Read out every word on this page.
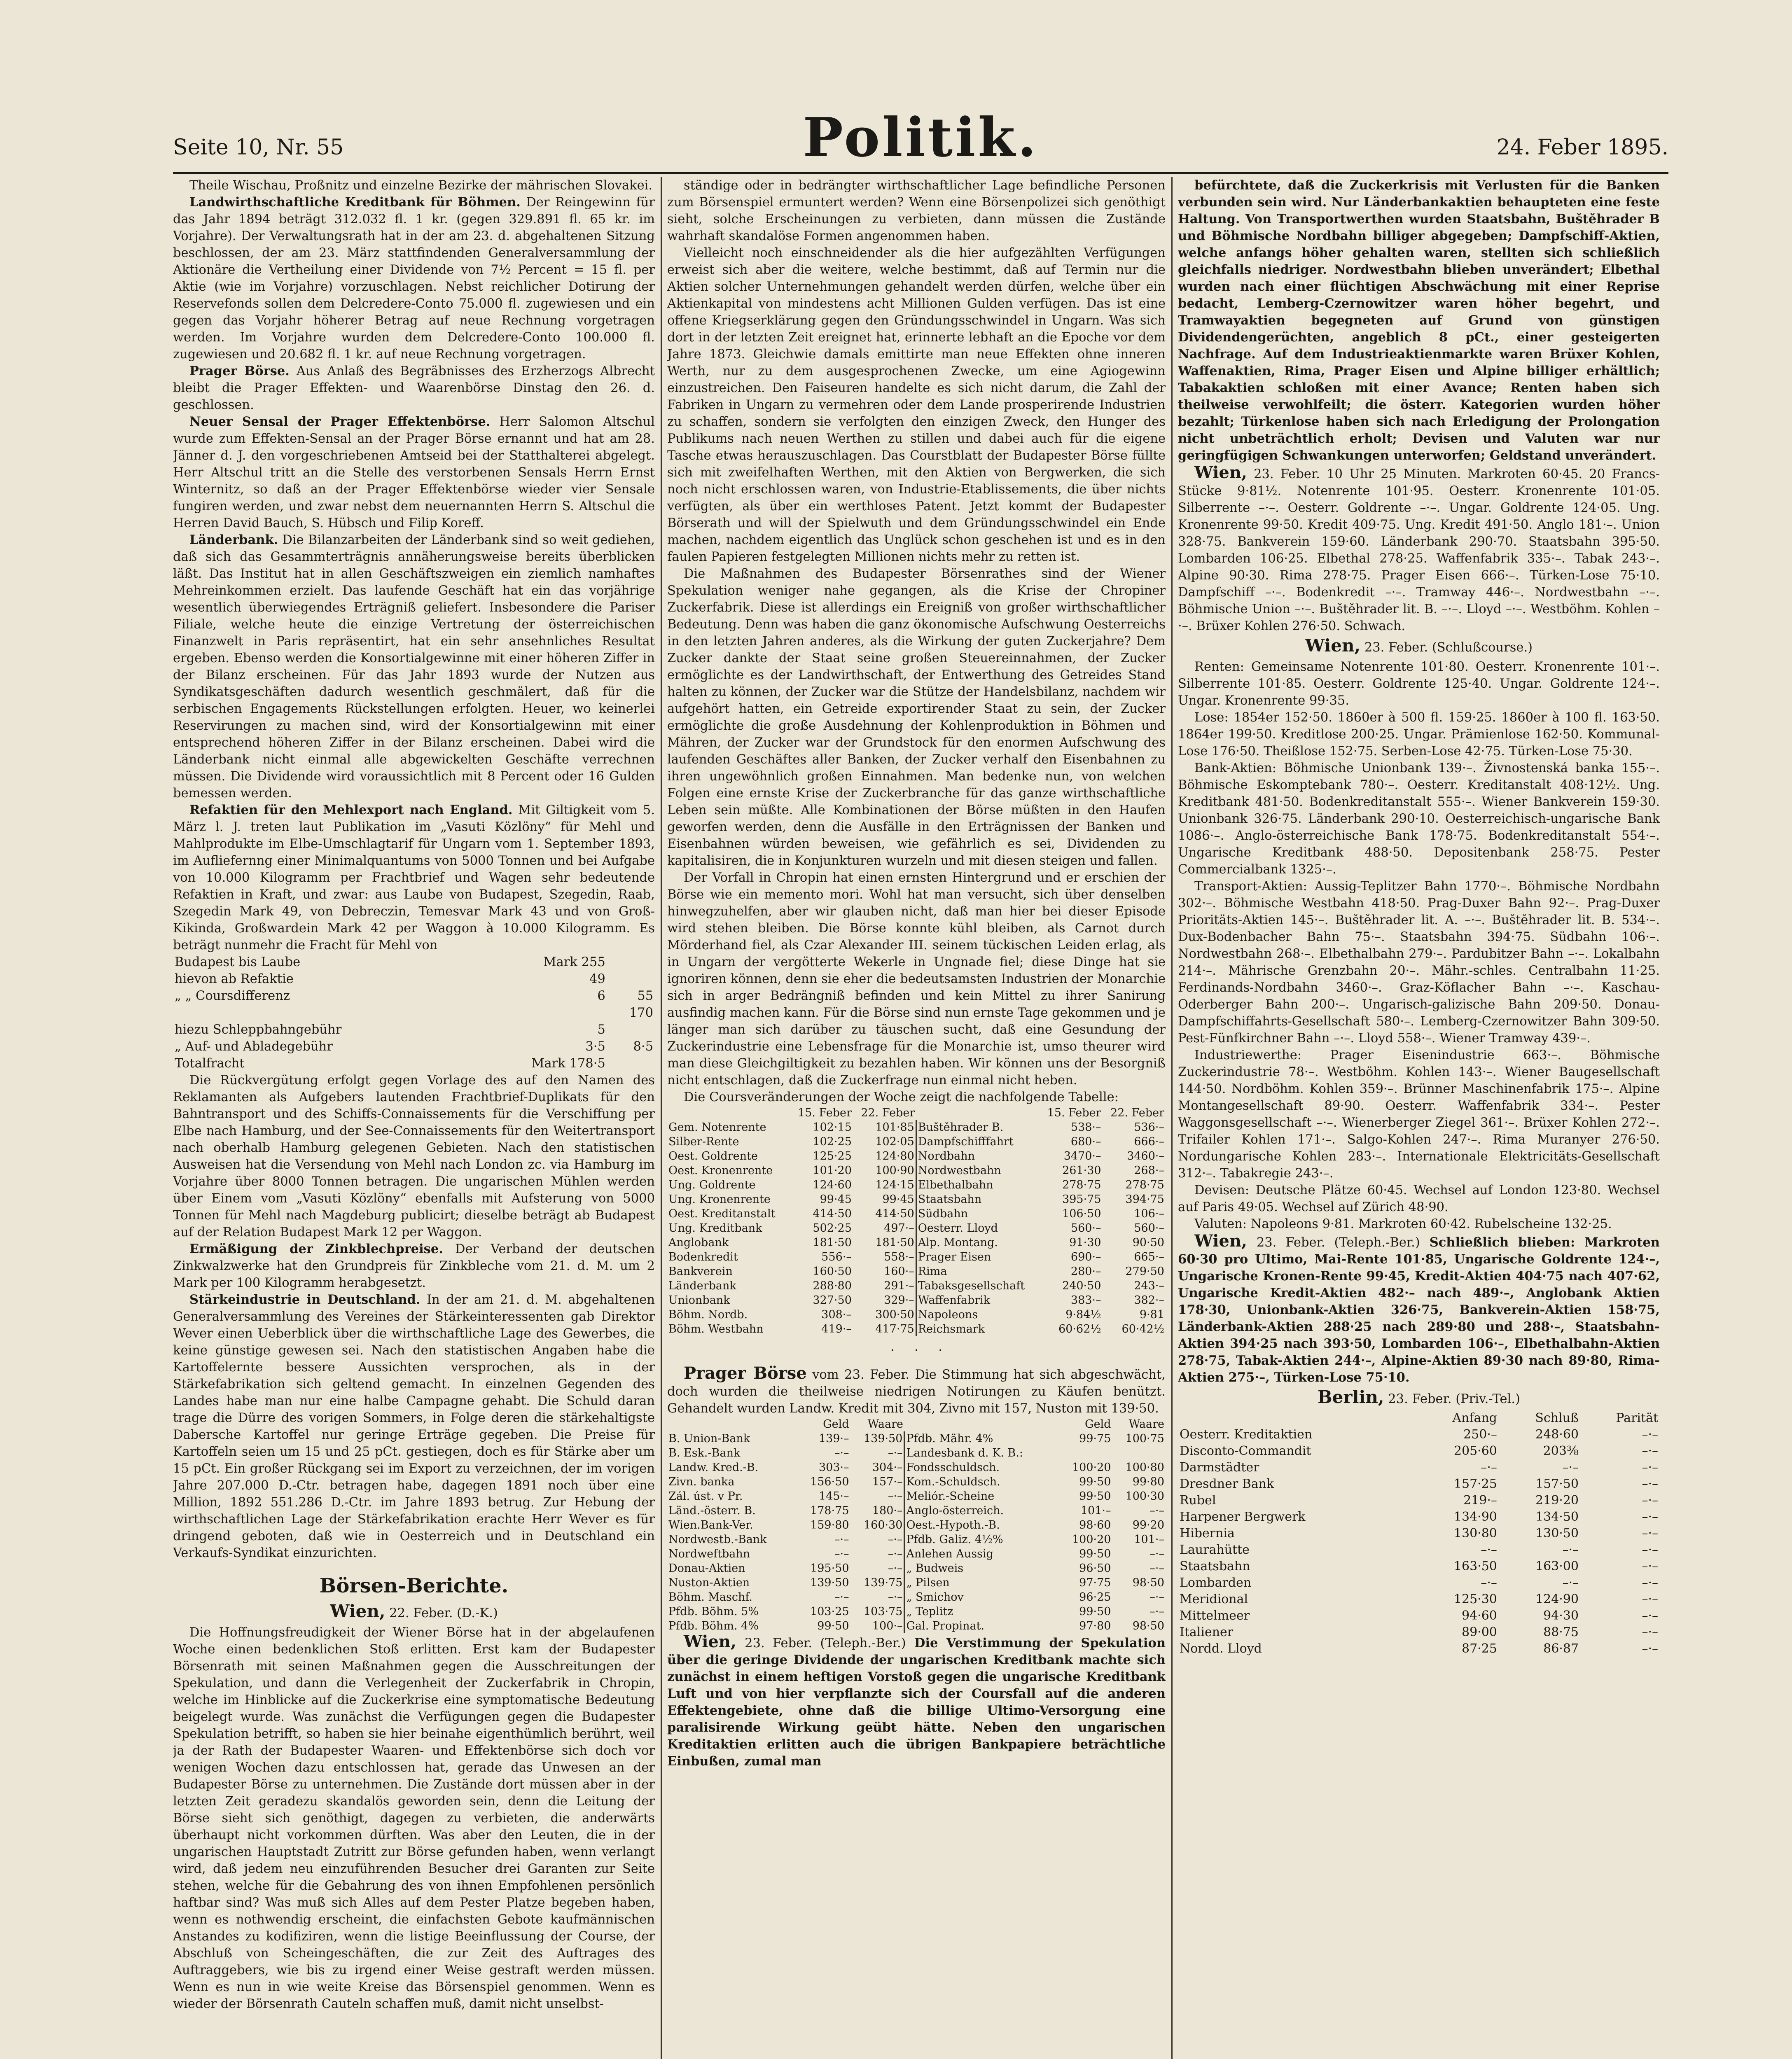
Seite 10, Nr. 55	Politik.	24. Feber 1895.

Theile Wischau, Proßnitz und einzelne Bezirke der mährischen Slovakei.

Landwirthschaftliche Kreditbank für Böhmen. Der Reingewinn für das Jahr 1894 beträgt 312.032 fl. 1 kr. (gegen 329.891 fl. 65 kr. im Vorjahre). Der Verwaltungsrath hat in der am 23. d. abgehaltenen Sitzung beschlossen, der am 23. März stattfindenden Generalversammlung der Aktionäre die Vertheilung einer Dividende von 7½ Percent = 15 fl. per Aktie (wie im Vorjahre) vorzuschlagen. Nebst reichlicher Dotirung der Reservefonds sollen dem Delcredere-Conto 75.000 fl. zugewiesen und ein gegen das Vorjahr höherer Betrag auf neue Rechnung vorgetragen werden. Im Vorjahre wurden dem Delcredere-Conto 100.000 fl. zugewiesen und 20.682 fl. 1 kr. auf neue Rechnung vorgetragen.

Prager Börse. Aus Anlaß des Begräbnisses des Erzherzogs Albrecht bleibt die Prager Effekten- und Waarenbörse Dinstag den 26. d. geschlossen.

Neuer Sensal der Prager Effektenbörse. Herr Salomon Altschul wurde zum Effekten-Sensal an der Prager Börse ernannt und hat am 28. Jänner d. J. den vorgeschriebenen Amtseid bei der Statthalterei abgelegt. Herr Altschul tritt an die Stelle des verstorbenen Sensals Herrn Ernst Winternitz, so daß an der Prager Effektenbörse wieder vier Sensale fungiren werden, und zwar nebst dem neuernannten Herrn S. Altschul die Herren David Bauch, S. Hübsch und Filip Koreff.

Länderbank. Die Bilanzarbeiten der Länderbank sind so weit gediehen, daß sich das Gesammterträgnis annäherungsweise bereits überblicken läßt. Das Institut hat in allen Geschäftszweigen ein ziemlich namhaftes Mehreinkommen erzielt. Das laufende Geschäft hat ein das vorjährige wesentlich überwiegendes Erträgniß geliefert. Insbesondere die Pariser Filiale, welche heute die einzige Vertretung der österreichischen Finanzwelt in Paris repräsentirt, hat ein sehr ansehnliches Resultat ergeben. Ebenso werden die Konsortialgewinne mit einer höheren Ziffer in der Bilanz erscheinen. Für das Jahr 1893 wurde der Nutzen aus Syndikatsgeschäften dadurch wesentlich geschmälert, daß für die serbischen Engagements Rückstellungen erfolgten. Heuer, wo keinerlei Reservirungen zu machen sind, wird der Konsortialgewinn mit einer entsprechend höheren Ziffer in der Bilanz erscheinen. Dabei wird die Länderbank nicht einmal alle abgewickelten Geschäfte verrechnen müssen. Die Dividende wird voraussichtlich mit 8 Percent oder 16 Gulden bemessen werden.

Refaktien für den Mehlexport nach England. Mit Giltigkeit vom 5. März l. J. treten laut Publikation im „Vasuti Közlöny“ für Mehl und Mahlprodukte im Elbe-Umschlagtarif für Ungarn vom 1. September 1893, im Aufliefernng einer Minimalquantums von 5000 Tonnen und bei Aufgabe von 10.000 Kilogramm per Frachtbrief und Wagen sehr bedeutende Refaktien in Kraft, und zwar: aus Laube von Budapest, Szegedin, Raab, Szegedin Mark 49, von Debreczin, Temesvar Mark 43 und von Groß-Kikinda, Großwardein Mark 42 per Waggon à 10.000 Kilogramm. Es beträgt nunmehr die Fracht für Mehl von

Budapest bis Laube	Mark 255	
hievon ab Refaktie	49	
„ „ Coursdifferenz	6	55
		170
hiezu Schleppbahngebühr	5	
„ Auf- und Abladegebühr	3·5	8·5
Totalfracht	Mark 178·5	

Die Rückvergütung erfolgt gegen Vorlage des auf den Namen des Reklamanten als Aufgebers lautenden Frachtbrief-Duplikats für den Bahntransport und des Schiffs-Connaissements für die Verschiffung per Elbe nach Hamburg, und der See-Connaissements für den Weitertransport nach oberhalb Hamburg gelegenen Gebieten. Nach den statistischen Ausweisen hat die Versendung von Mehl nach London zc. via Hamburg im Vorjahre über 8000 Tonnen betragen. Die ungarischen Mühlen werden über Einem vom „Vasuti Közlöny“ ebenfalls mit Aufsterung von 5000 Tonnen für Mehl nach Magdeburg publicirt; dieselbe beträgt ab Budapest auf der Relation Budapest Mark 12 per Waggon.

Ermäßigung der Zinkblechpreise. Der Verband der deutschen Zinkwalzwerke hat den Grundpreis für Zinkbleche vom 21. d. M. um 2 Mark per 100 Kilogramm herabgesetzt.

Stärkeindustrie in Deutschland. In der am 21. d. M. abgehaltenen Generalversammlung des Vereines der Stärkeinteressenten gab Direktor Wever einen Ueberblick über die wirthschaftliche Lage des Gewerbes, die keine günstige gewesen sei. Nach den statistischen Angaben habe die Kartoffelernte bessere Aussichten versprochen, als in der Stärkefabrikation sich geltend gemacht. In einzelnen Gegenden des Landes habe man nur eine halbe Campagne gehabt. Die Schuld daran trage die Dürre des vorigen Sommers, in Folge deren die stärkehaltigste Dabersche Kartoffel nur geringe Erträge gegeben. Die Preise für Kartoffeln seien um 15 und 25 pCt. gestiegen, doch es für Stärke aber um 15 pCt. Ein großer Rückgang sei im Export zu verzeichnen, der im vorigen Jahre 207.000 D.-Ctr. betragen habe, dagegen 1891 noch über eine Million, 1892 551.286 D.-Ctr. im Jahre 1893 betrug. Zur Hebung der wirthschaftlichen Lage der Stärkefabrikation erachte Herr Wever es für dringend geboten, daß wie in Oesterreich und in Deutschland ein Verkaufs-Syndikat einzurichten.

Börsen-Berichte.
Wien, 22. Feber. (D.-K.)

Die Hoffnungsfreudigkeit der Wiener Börse hat in der abgelaufenen Woche einen bedenklichen Stoß erlitten. Erst kam der Budapester Börsenrath mit seinen Maßnahmen gegen die Ausschreitungen der Spekulation, und dann die Verlegenheit der Zuckerfabrik in Chropin, welche im Hinblicke auf die Zuckerkrise eine symptomatische Bedeutung beigelegt wurde. Was zunächst die Verfügungen gegen die Budapester Spekulation betrifft, so haben sie hier beinahe eigenthümlich berührt, weil ja der Rath der Budapester Waaren- und Effektenbörse sich doch vor wenigen Wochen dazu entschlossen hat, gerade das Unwesen an der Budapester Börse zu unternehmen. Die Zustände dort müssen aber in der letzten Zeit geradezu skandalös geworden sein, denn die Leitung der Börse sieht sich genöthigt, dagegen zu verbieten, die anderwärts überhaupt nicht vorkommen dürften. Was aber den Leuten, die in der ungarischen Hauptstadt Zutritt zur Börse gefunden haben, wenn verlangt wird, daß jedem neu einzuführenden Besucher drei Garanten zur Seite stehen, welche für die Gebahrung des von ihnen Empfohlenen persönlich haftbar sind? Was muß sich Alles auf dem Pester Platze begeben haben, wenn es nothwendig erscheint, die einfachsten Gebote kaufmännischen Anstandes zu kodifiziren, wenn die listige Beeinflussung der Course, der Abschluß von Scheingeschäften, die zur Zeit des Auftrages des Auftraggebers, wie bis zu irgend einer Weise gestraft werden müssen. Wenn es nun in wie weite Kreise das Börsenspiel genommen. Wenn es wieder der Börsenrath Cauteln schaffen muß, damit nicht unselbst-

ständige oder in bedrängter wirthschaftlicher Lage befindliche Personen zum Börsenspiel ermuntert werden? Wenn eine Börsenpolizei sich genöthigt sieht, solche Erscheinungen zu verbieten, dann müssen die Zustände wahrhaft skandalöse Formen angenommen haben.

Vielleicht noch einschneidender als die hier aufgezählten Verfügungen erweist sich aber die weitere, welche bestimmt, daß auf Termin nur die Aktien solcher Unternehmungen gehandelt werden dürfen, welche über ein Aktienkapital von mindestens acht Millionen Gulden verfügen. Das ist eine offene Kriegserklärung gegen den Gründungsschwindel in Ungarn. Was sich dort in der letzten Zeit ereignet hat, erinnerte lebhaft an die Epoche vor dem Jahre 1873. Gleichwie damals emittirte man neue Effekten ohne inneren Werth, nur zu dem ausgesprochenen Zwecke, um eine Agiogewinn einzustreichen. Den Faiseuren handelte es sich nicht darum, die Zahl der Fabriken in Ungarn zu vermehren oder dem Lande prosperirende Industrien zu schaffen, sondern sie verfolgten den einzigen Zweck, den Hunger des Publikums nach neuen Werthen zu stillen und dabei auch für die eigene Tasche etwas herauszuschlagen. Das Courstblatt der Budapester Börse füllte sich mit zweifelhaften Werthen, mit den Aktien von Bergwerken, die sich noch nicht erschlossen waren, von Industrie-Etablissements, die über nichts verfügten, als über ein werthloses Patent. Jetzt kommt der Budapester Börserath und will der Spielwuth und dem Gründungsschwindel ein Ende machen, nachdem eigentlich das Unglück schon geschehen ist und es in den faulen Papieren festgelegten Millionen nichts mehr zu retten ist.

Die Maßnahmen des Budapester Börsenrathes sind der Wiener Spekulation weniger nahe gegangen, als die Krise der Chropiner Zuckerfabrik. Diese ist allerdings ein Ereigniß von großer wirthschaftlicher Bedeutung. Denn was haben die ganz ökonomische Aufschwung Oesterreichs in den letzten Jahren anderes, als die Wirkung der guten Zuckerjahre? Dem Zucker dankte der Staat seine großen Steuereinnahmen, der Zucker ermöglichte es der Landwirthschaft, der Entwerthung des Getreides Stand halten zu können, der Zucker war die Stütze der Handelsbilanz, nachdem wir aufgehört hatten, ein Getreide exportirender Staat zu sein, der Zucker ermöglichte die große Ausdehnung der Kohlenproduktion in Böhmen und Mähren, der Zucker war der Grundstock für den enormen Aufschwung des laufenden Geschäftes aller Banken, der Zucker verhalf den Eisenbahnen zu ihren ungewöhnlich großen Einnahmen. Man bedenke nun, von welchen Folgen eine ernste Krise der Zuckerbranche für das ganze wirthschaftliche Leben sein müßte. Alle Kombinationen der Börse müßten in den Haufen geworfen werden, denn die Ausfälle in den Erträgnissen der Banken und Eisenbahnen würden beweisen, wie gefährlich es sei, Dividenden zu kapitalisiren, die in Konjunkturen wurzeln und mit diesen steigen und fallen.

Der Vorfall in Chropin hat einen ernsten Hintergrund und er erschien der Börse wie ein memento mori. Wohl hat man versucht, sich über denselben hinwegzuhelfen, aber wir glauben nicht, daß man hier bei dieser Episode wird stehen bleiben. Die Börse konnte kühl bleiben, als Carnot durch Mörderhand fiel, als Czar Alexander III. seinem tückischen Leiden erlag, als in Ungarn der vergötterte Wekerle in Ungnade fiel; diese Dinge hat sie ignoriren können, denn sie eher die bedeutsamsten Industrien der Monarchie sich in arger Bedrängniß befinden und kein Mittel zu ihrer Sanirung ausfindig machen kann. Für die Börse sind nun ernste Tage gekommen und je länger man sich darüber zu täuschen sucht, daß eine Gesundung der Zuckerindustrie eine Lebensfrage für die Monarchie ist, umso theurer wird man diese Gleichgiltigkeit zu bezahlen haben. Wir können uns der Besorgniß nicht entschlagen, daß die Zuckerfrage nun einmal nicht heben.

Die Coursveränderungen der Woche zeigt die nachfolgende Tabelle:

	15. Feber	22. Feber		15. Feber	22. Feber
Gem. Notenrente	102·15	101·85	Buštěhrader B.	538·–	536·–
Silber-Rente	102·25	102·05	Dampfschifffahrt	680·–	666·–
Oest. Goldrente	125·25	124·80	Nordbahn	3470·–	3460·–
Oest. Kronenrente	101·20	100·90	Nordwestbahn	261·30	268·–
Ung. Goldrente	124·60	124·15	Elbethalbahn	278·75	278·75
Ung. Kronenrente	99·45	99·45	Staatsbahn	395·75	394·75
Oest. Kreditanstalt	414·50	414·50	Südbahn	106·50	106·–
Ung. Kreditbank	502·25	497·–	Oesterr. Lloyd	560·–	560·–
Anglobank	181·50	181·50	Alp. Montang.	91·30	90·50
Bodenkredit	556·–	558·–	Prager Eisen	690·–	665·–
Bankverein	160·50	160·–	Rima	280·–	279·50
Länderbank	288·80	291·–	Tabaksgesellschaft	240·50	243·–
Unionbank	327·50	329·–	Waffenfabrik	383·–	382·–
Böhm. Nordb.	308·–	300·50	Napoleons	9·84½	9·81
Böhm. Westbahn	419·–	417·75	Reichsmark	60·62½	60·42½
·     ·     ·

Prager Börse vom 23. Feber. Die Stimmung hat sich abgeschwächt, doch wurden die theilweise niedrigen Notirungen zu Käufen benützt. Gehandelt wurden Landw. Kredit mit 304, Zivno mit 157, Nuston mit 139·50.

	Geld	Waare		Geld	Waare
B. Union-Bank	139·–	139·50	Pfdb. Mähr. 4%	99·75	100·75
B. Esk.-Bank	–·–	–·–	Landesbank d. K. B.:		
Landw. Kred.-B.	303·–	304·–	Fondsschuldsch.	100·20	100·80
Zivn. banka	156·50	157·–	Kom.-Schuldsch.	99·50	99·80
Zál. úst. v Pr.	145·–	–·–	Meliór.-Scheine	99·50	100·30
Länd.-österr. B.	178·75	180·–	Anglo-österreich.	101·–	–·–
Wien.Bank-Ver.	159·80	160·30	Oest.-Hypoth.-B.	98·60	99·20
Nordwestb.-Bank	–·–	–·–	Pfdb. Galiz. 4½%	100·20	101·–
Nordweftbahn	–·–	–·–	Anlehen Aussig	99·50	–·–
Donau-Aktien	195·50	–·–	„ Budweis	96·50	–·–
Nuston-Aktien	139·50	139·75	„ Pilsen	97·75	98·50
Böhm. Maschf.	–·–	–·–	„ Smichov	96·25	–·–
Pfdb. Böhm. 5%	103·25	103·75	„ Teplitz	99·50	–·–
Pfdb. Böhm. 4%	99·50	100·–	Gal. Propinat.	97·80	98·50

Wien, 23. Feber. (Teleph.-Ber.) Die Verstimmung der Spekulation über die geringe Dividende der ungarischen Kreditbank machte sich zunächst in einem heftigen Vorstoß gegen die ungarische Kreditbank Luft und von hier verpflanzte sich der Coursfall auf die anderen Effektengebiete, ohne daß die billige Ultimo-Versorgung eine paralisirende Wirkung geübt hätte. Neben den ungarischen Kreditaktien erlitten auch die übrigen Bankpapiere beträchtliche Einbußen, zumal man

befürchtete, daß die Zuckerkrisis mit Verlusten für die Banken verbunden sein wird. Nur Länderbankaktien behaupteten eine feste Haltung. Von Transportwerthen wurden Staatsbahn, Buštěhrader B und Böhmische Nordbahn billiger abgegeben; Dampfschiff-Aktien, welche anfangs höher gehalten waren, stellten sich schließlich gleichfalls niedriger. Nordwestbahn blieben unverändert; Elbethal wurden nach einer flüchtigen Abschwächung mit einer Reprise bedacht, Lemberg-Czernowitzer waren höher begehrt, und Tramwayaktien begegneten auf Grund von günstigen Dividendengerüchten, angeblich 8 pCt., einer gesteigerten Nachfrage. Auf dem Industrieaktienmarkte waren Brüxer Kohlen, Waffenaktien, Rima, Prager Eisen und Alpine billiger erhältlich; Tabakaktien schloßen mit einer Avance; Renten haben sich theilweise verwohlfeilt; die österr. Kategorien wurden höher bezahlt; Türkenlose haben sich nach Erledigung der Prolongation nicht unbeträchtlich erholt; Devisen und Valuten war nur geringfügigen Schwankungen unterworfen; Geldstand unverändert.

Wien, 23. Feber. 10 Uhr 25 Minuten. Markroten 60·45. 20 Francs-Stücke 9·81½. Notenrente 101·95. Oesterr. Kronenrente 101·05. Silberrente –·–. Oesterr. Goldrente –·–. Ungar. Goldrente 124·05. Ung. Kronenrente 99·50. Kredit 409·75. Ung. Kredit 491·50. Anglo 181·–. Union 328·75. Bankverein 159·60. Länderbank 290·70. Staatsbahn 395·50. Lombarden 106·25. Elbethal 278·25. Waffenfabrik 335·–. Tabak 243·–. Alpine 90·30. Rima 278·75. Prager Eisen 666·–. Türken-Lose 75·10. Dampfschiff –·–. Bodenkredit –·–. Tramway 446·–. Nordwestbahn –·–. Böhmische Union –·–. Buštěhrader lit. B. –·–. Lloyd –·–. Westböhm. Kohlen –·–. Brüxer Kohlen 276·50. Schwach.

Wien, 23. Feber. (Schlußcourse.)

Renten: Gemeinsame Notenrente 101·80. Oesterr. Kronenrente 101·–. Silberrente 101·85. Oesterr. Goldrente 125·40. Ungar. Goldrente 124·–. Ungar. Kronenrente 99·35.

Lose: 1854er 152·50. 1860er à 500 fl. 159·25. 1860er à 100 fl. 163·50. 1864er 199·50. Kreditlose 200·25. Ungar. Prämienlose 162·50. Kommunal-Lose 176·50. Theißlose 152·75. Serben-Lose 42·75. Türken-Lose 75·30.

Bank-Aktien: Böhmische Unionbank 139·–. Živnostenská banka 155·–. Böhmische Eskomptebank 780·–. Oesterr. Kreditanstalt 408·12½. Ung. Kreditbank 481·50. Bodenkreditanstalt 555·–. Wiener Bankverein 159·30. Unionbank 326·75. Länderbank 290·10. Oesterreichisch-ungarische Bank 1086·–. Anglo-österreichische Bank 178·75. Bodenkreditanstalt 554·–. Ungarische Kreditbank 488·50. Depositenbank 258·75. Pester Commercialbank 1325·–.

Transport-Aktien: Aussig-Teplitzer Bahn 1770·–. Böhmische Nordbahn 302·–. Böhmische Westbahn 418·50. Prag-Duxer Bahn 92·–. Prag-Duxer Prioritäts-Aktien 145·–. Buštěhrader lit. A. –·–. Buštěhrader lit. B. 534·–. Dux-Bodenbacher Bahn 75·–. Staatsbahn 394·75. Südbahn 106·–. Nordwestbahn 268·–. Elbethalbahn 279·–. Pardubitzer Bahn –·–. Lokalbahn 214·–. Mährische Grenzbahn 20·–. Mähr.-schles. Centralbahn 11·25. Ferdinands-Nordbahn 3460·–. Graz-Köflacher Bahn –·–. Kaschau-Oderberger Bahn 200·–. Ungarisch-galizische Bahn 209·50. Donau-Dampfschiffahrts-Gesellschaft 580·–. Lemberg-Czernowitzer Bahn 309·50. Pest-Fünfkirchner Bahn –·–. Lloyd 558·–. Wiener Tramway 439·–.

Industriewerthe: Prager Eisenindustrie 663·–. Böhmische Zuckerindustrie 78·–. Westböhm. Kohlen 143·–. Wiener Baugesellschaft 144·50. Nordböhm. Kohlen 359·–. Brünner Maschinenfabrik 175·–. Alpine Montangesellschaft 89·90. Oesterr. Waffenfabrik 334·–. Pester Waggonsgesellschaft –·–. Wienerberger Ziegel 361·–. Brüxer Kohlen 272·–. Trifailer Kohlen 171·–. Salgo-Kohlen 247·–. Rima Muranyer 276·50. Nordungarische Kohlen 283·–. Internationale Elektricitäts-Gesellschaft 312·–. Tabakregie 243·–.

Devisen: Deutsche Plätze 60·45. Wechsel auf London 123·80. Wechsel auf Paris 49·05. Wechsel auf Zürich 48·90.

Valuten: Napoleons 9·81. Markroten 60·42. Rubelscheine 132·25.

Wien, 23. Feber. (Teleph.-Ber.) Schließlich blieben: Markroten 60·30 pro Ultimo, Mai-Rente 101·85, Ungarische Goldrente 124·–, Ungarische Kronen-Rente 99·45, Kredit-Aktien 404·75 nach 407·62, Ungarische Kredit-Aktien 482·– nach 489·–, Anglobank Aktien 178·30, Unionbank-Aktien 326·75, Bankverein-Aktien 158·75, Länderbank-Aktien 288·25 nach 289·80 und 288·–, Staatsbahn-Aktien 394·25 nach 393·50, Lombarden 106·–, Elbethalbahn-Aktien 278·75, Tabak-Aktien 244·–, Alpine-Aktien 89·30 nach 89·80, Rima-Aktien 275·–, Türken-Lose 75·10.

Berlin, 23. Feber. (Priv.-Tel.)
	Anfang	Schluß	Parität
Oesterr. Kreditaktien	250·–	248·60	–·–
Disconto-Commandit	205·60	203⅜	–·–
Darmstädter	–·–	–·–	–·–
Dresdner Bank	157·25	157·50	–·–
Rubel	219·–	219·20	–·–
Harpener Bergwerk	134·90	134·50	–·–
Hibernia	130·80	130·50	–·–
Laurahütte	–·–	–·–	–·–
Staatsbahn	163·50	163·00	–·–
Lombarden	–·–	–·–	–·–
Meridional	125·30	124·90	–·–
Mittelmeer	94·60	94·30	–·–
Italiener	89·00	88·75	–·–
Nordd. Lloyd	87·25	86·87	–·–
